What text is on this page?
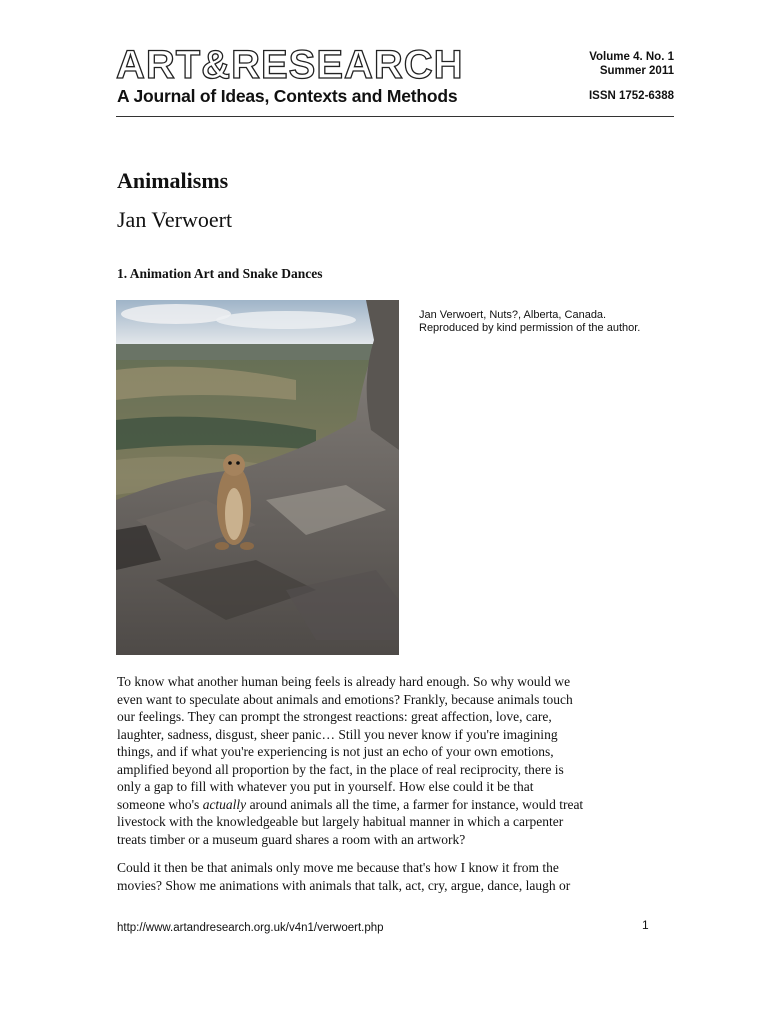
ART&RESEARCH
A Journal of Ideas, Contexts and Methods
Volume 4. No. 1
Summer 2011
ISSN 1752-6388
Animalisms
Jan Verwoert
1. Animation Art and Snake Dances
Jan Verwoert, Nuts?, Alberta, Canada.
Reproduced by kind permission of the author.
To know what another human being feels is already hard enough. So why would we
even want to speculate about animals and emotions? Frankly, because animals touch
our feelings. They can prompt the strongest reactions: great affection, love, care,
laughter, sadness, disgust, sheer panic… Still you never know if you're imagining
things, and if what you're experiencing is not just an echo of your own emotions,
amplified beyond all proportion by the fact, in the place of real reciprocity, there is
only a gap to fill with whatever you put in yourself. How else could it be that
someone who's actually around animals all the time, a farmer for instance, would treat
livestock with the knowledgeable but largely habitual manner in which a carpenter
treats timber or a museum guard shares a room with an artwork?
Could it then be that animals only move me because that's how I know it from the
movies? Show me animations with animals that talk, act, cry, argue, dance, laugh or
http://www.artandresearch.org.uk/v4n1/verwoert.php	1
